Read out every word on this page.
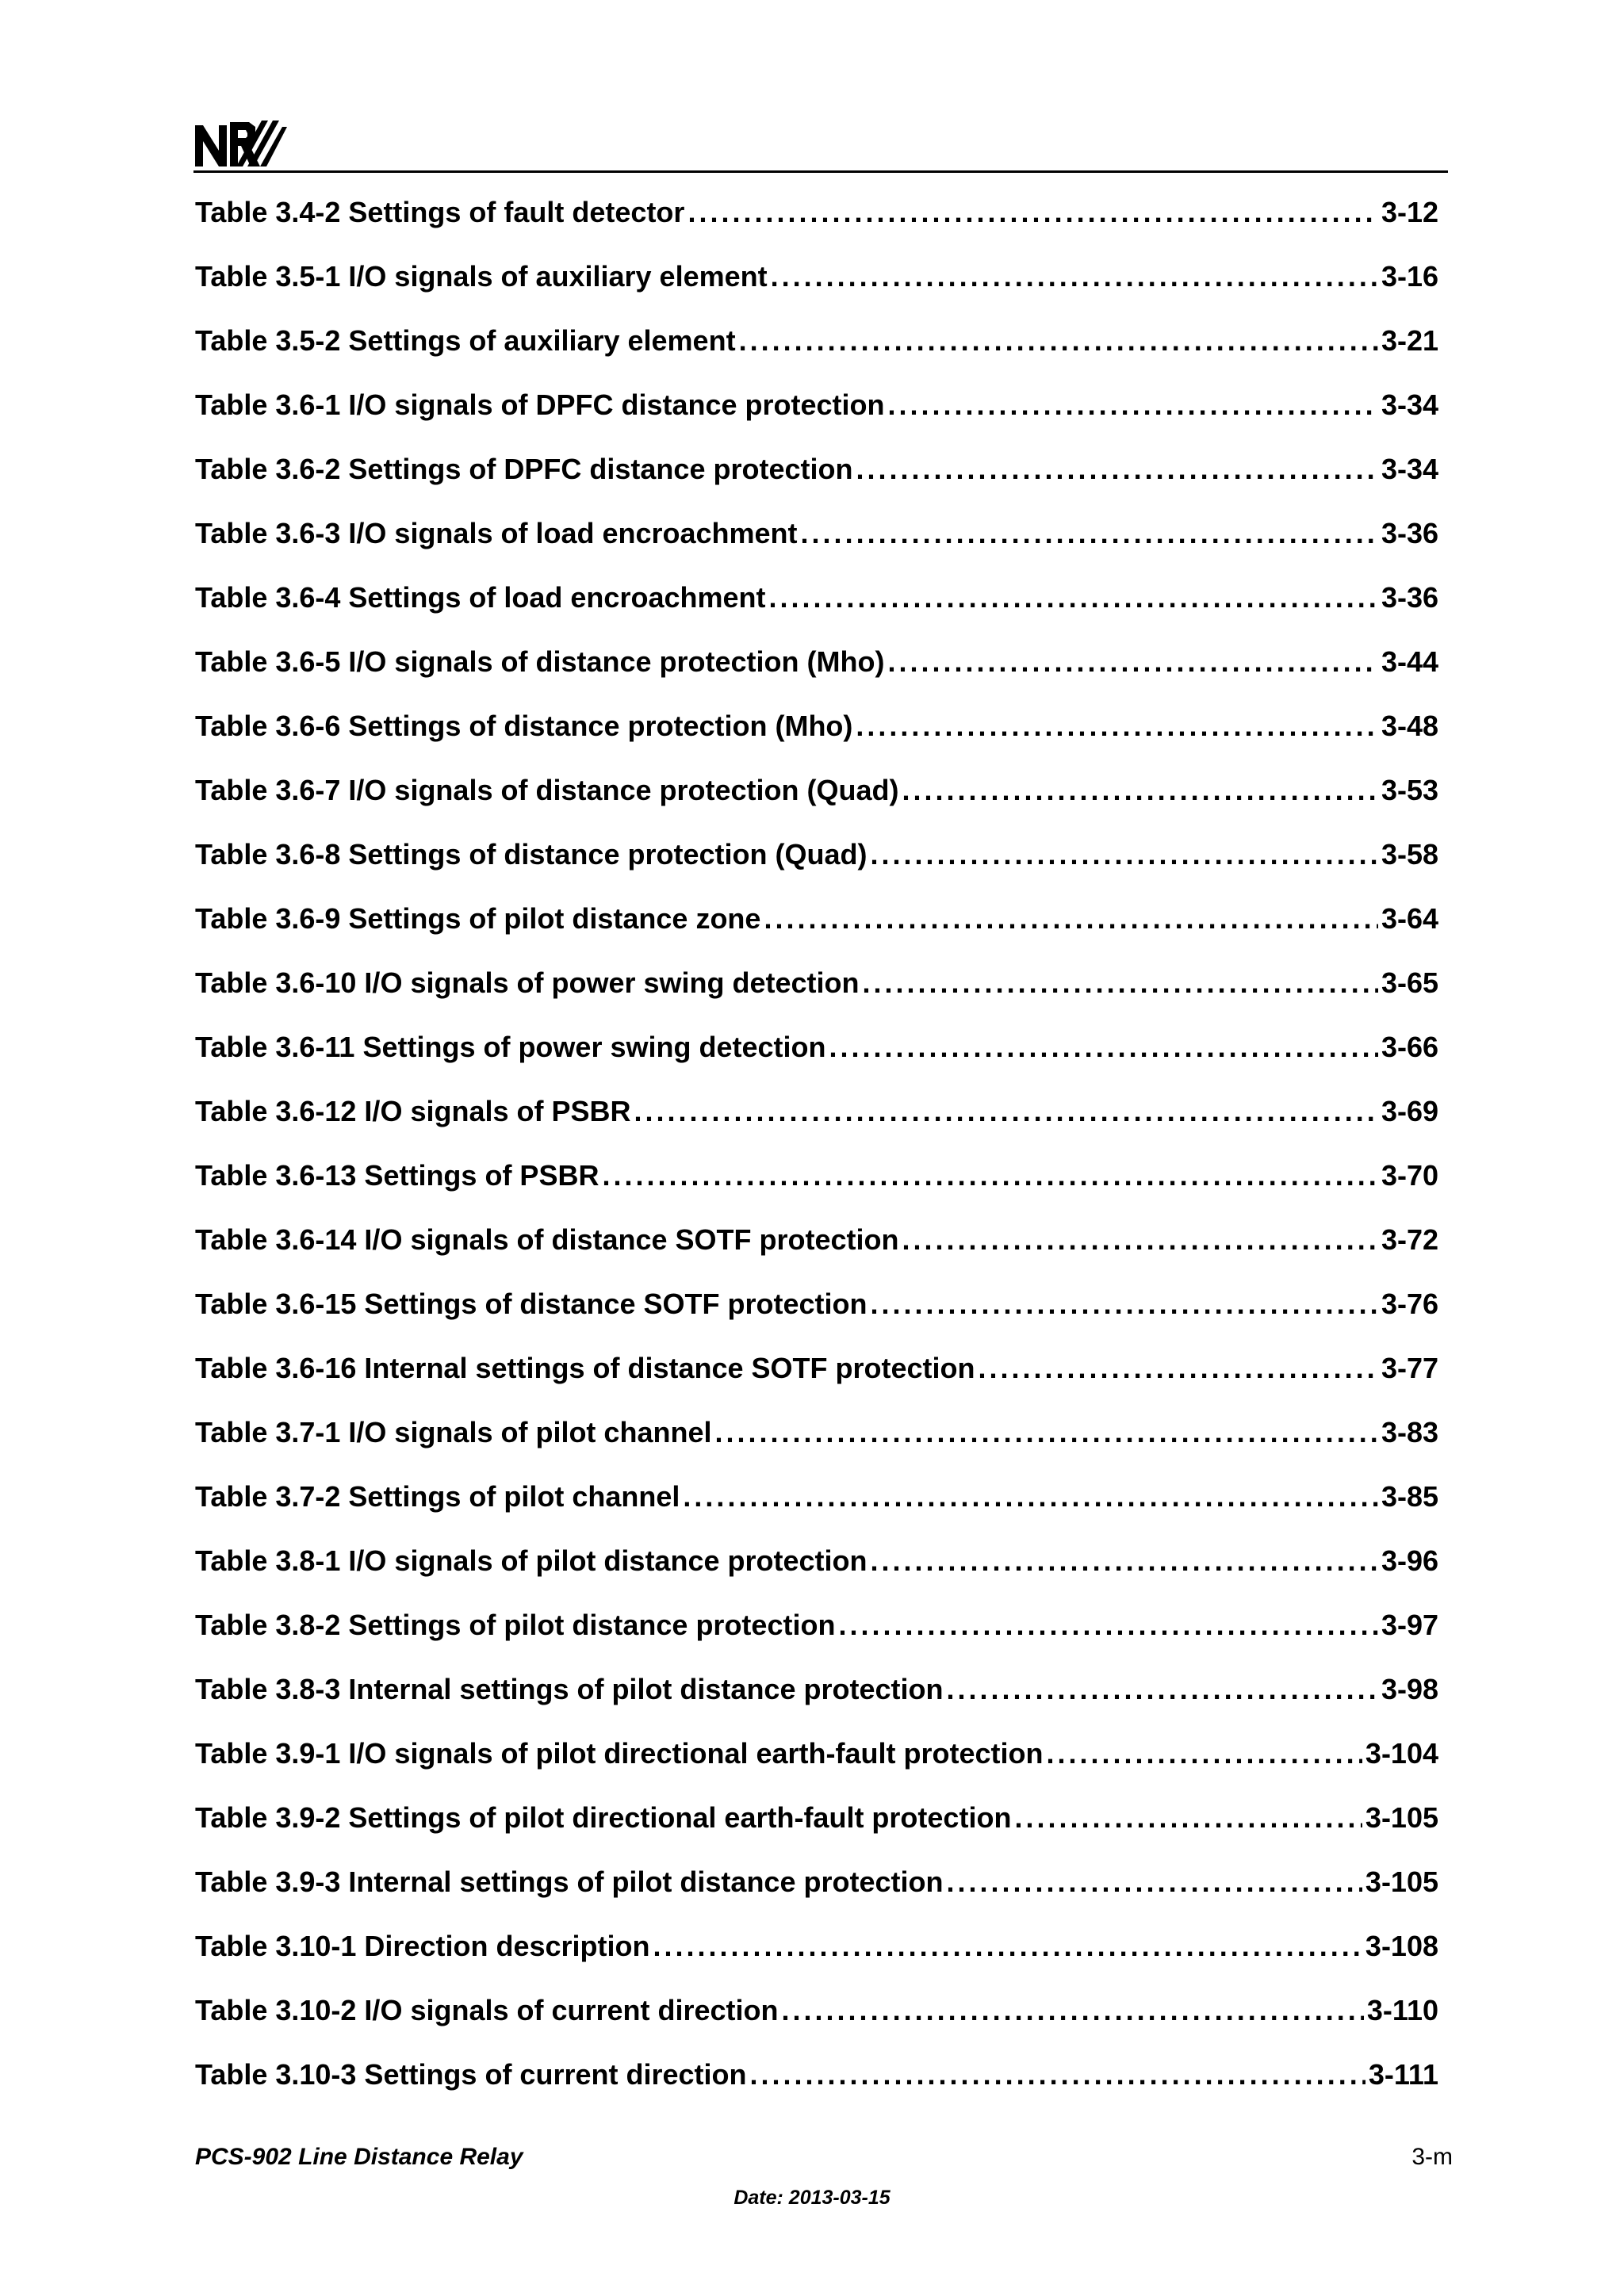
Table 3.4-2 Settings of fault detector . . .	3-12
Table 3.5-1 I/O signals of auxiliary element . . .	3-16
Table 3.5-2 Settings of auxiliary element . . .	3-21
Table 3.6-1 I/O signals of DPFC distance protection . . .	3-34
Table 3.6-2 Settings of DPFC distance protection . . .	3-34
Table 3.6-3 I/O signals of load encroachment . . .	3-36
Table 3.6-4 Settings of load encroachment . . .	3-36
Table 3.6-5 I/O signals of distance protection (Mho) . . .	3-44
Table 3.6-6 Settings of distance protection (Mho) . . .	3-48
Table 3.6-7 I/O signals of distance protection (Quad) . . .	3-53
Table 3.6-8 Settings of distance protection (Quad) . . .	3-58
Table 3.6-9 Settings of pilot distance zone . . .	3-64
Table 3.6-10 I/O signals of power swing detection . . .	3-65
Table 3.6-11 Settings of power swing detection . . .	3-66
Table 3.6-12 I/O signals of PSBR . . .	3-69
Table 3.6-13 Settings of PSBR . . .	3-70
Table 3.6-14 I/O signals of distance SOTF protection . . .	3-72
Table 3.6-15 Settings of distance SOTF protection . . .	3-76
Table 3.6-16 Internal settings of distance SOTF protection . . .	3-77
Table 3.7-1 I/O signals of pilot channel . . .	3-83
Table 3.7-2 Settings of pilot channel . . .	3-85
Table 3.8-1 I/O signals of pilot distance protection . . .	3-96
Table 3.8-2 Settings of pilot distance protection . . .	3-97
Table 3.8-3 Internal settings of pilot distance protection . . .	3-98
Table 3.9-1 I/O signals of pilot directional earth-fault protection . . .	3-104
Table 3.9-2 Settings of pilot directional earth-fault protection . . .	3-105
Table 3.9-3 Internal settings of pilot distance protection . . .	3-105
Table 3.10-1 Direction description . . .	3-108
Table 3.10-2 I/O signals of current direction . . .	3-110
Table 3.10-3 Settings of current direction . . .	3-111
PCS-902 Line Distance Relay	3-m
Date: 2013-03-15
